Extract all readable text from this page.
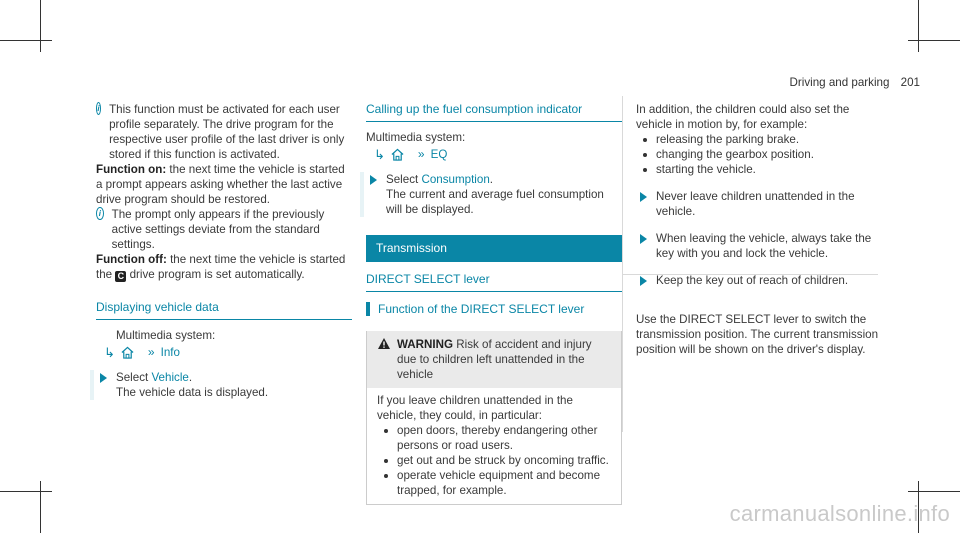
Driving and parking 201
i This function must be activated for each user profile separately. The drive program for the respective user profile of the last driver is only stored if this function is activated.

Function on: the next time the vehicle is started a prompt appears asking whether the last active drive program should be restored.

i The prompt only appears if the previously active settings deviate from the standard settings.

Function off: the next time the vehicle is started the C drive program is set automatically.

Displaying vehicle data

Multimedia system:

↳	» Info
Select Vehicle.
The vehicle data is displayed.
Calling up the fuel consumption indicator

Multimedia system:

↳	» EQ
Select Consumption.
The current and average fuel consumption will be displayed.
Transmission
DIRECT SELECT lever
Function of the DIRECT SELECT lever

WARNING Risk of accident and injury due to children left unattended in the vehicle

If you leave children unattended in the vehicle, they could, in particular:

open doors, thereby endangering other persons or road users.
get out and be struck by oncoming traffic.
operate vehicle equipment and become trapped, for example.

In addition, the children could also set the vehicle in motion by, for example:

releasing the parking brake.
changing the gearbox position.
starting the vehicle.
Never leave children unattended in the vehicle.
When leaving the vehicle, always take the key with you and lock the vehicle.
Keep the key out of reach of children.

Use the DIRECT SELECT lever to switch the transmission position. The current transmission position will be shown on the driver's display.

carmanualsonline.info
